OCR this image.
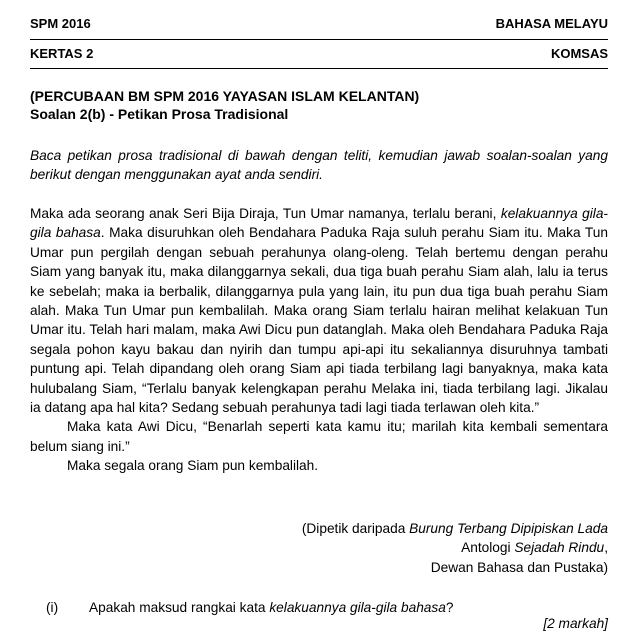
SPM 2016	BAHASA MELAYU
KERTAS 2	KOMSAS
(PERCUBAAN BM SPM 2016 YAYASAN ISLAM KELANTAN)
Soalan 2(b) - Petikan Prosa Tradisional
Baca petikan prosa tradisional di bawah dengan teliti, kemudian jawab soalan-soalan yang berikut dengan menggunakan ayat anda sendiri.

Maka ada seorang anak Seri Bija Diraja, Tun Umar namanya, terlalu berani, kelakuannya gila-gila bahasa. Maka disuruhkan oleh Bendahara Paduka Raja suluh perahu Siam itu. Maka Tun Umar pun pergilah dengan sebuah perahunya olang-oleng. Telah bertemu dengan perahu Siam yang banyak itu, maka dilanggarnya sekali, dua tiga buah perahu Siam alah, lalu ia terus ke sebelah; maka ia berbalik, dilanggarnya pula yang lain, itu pun dua tiga buah perahu Siam alah. Maka Tun Umar pun kembalilah. Maka orang Siam terlalu hairan melihat kelakuan Tun Umar itu. Telah hari malam, maka Awi Dicu pun datanglah. Maka oleh Bendahara Paduka Raja segala pohon kayu bakau dan nyirih dan tumpu api-api itu sekaliannya disuruhnya tambati puntung api. Telah dipandang oleh orang Siam api tiada terbilang lagi banyaknya, maka kata hulubalang Siam, “Terlalu banyak kelengkapan perahu Melaka ini, tiada terbilang lagi. Jikalau ia datang apa hal kita? Sedang sebuah perahunya tadi lagi tiada terlawan oleh kita.”

Maka kata Awi Dicu, “Benarlah seperti kata kamu itu; marilah kita kembali sementara belum siang ini.”

Maka segala orang Siam pun kembalilah.

(Dipetik daripada Burung Terbang Dipipiskan Lada
Antologi Sejadah Rindu,
Dewan Bahasa dan Pustaka)
(i) Apakah maksud rangkai kata kelakuannya gila-gila bahasa?
[2 markah]
